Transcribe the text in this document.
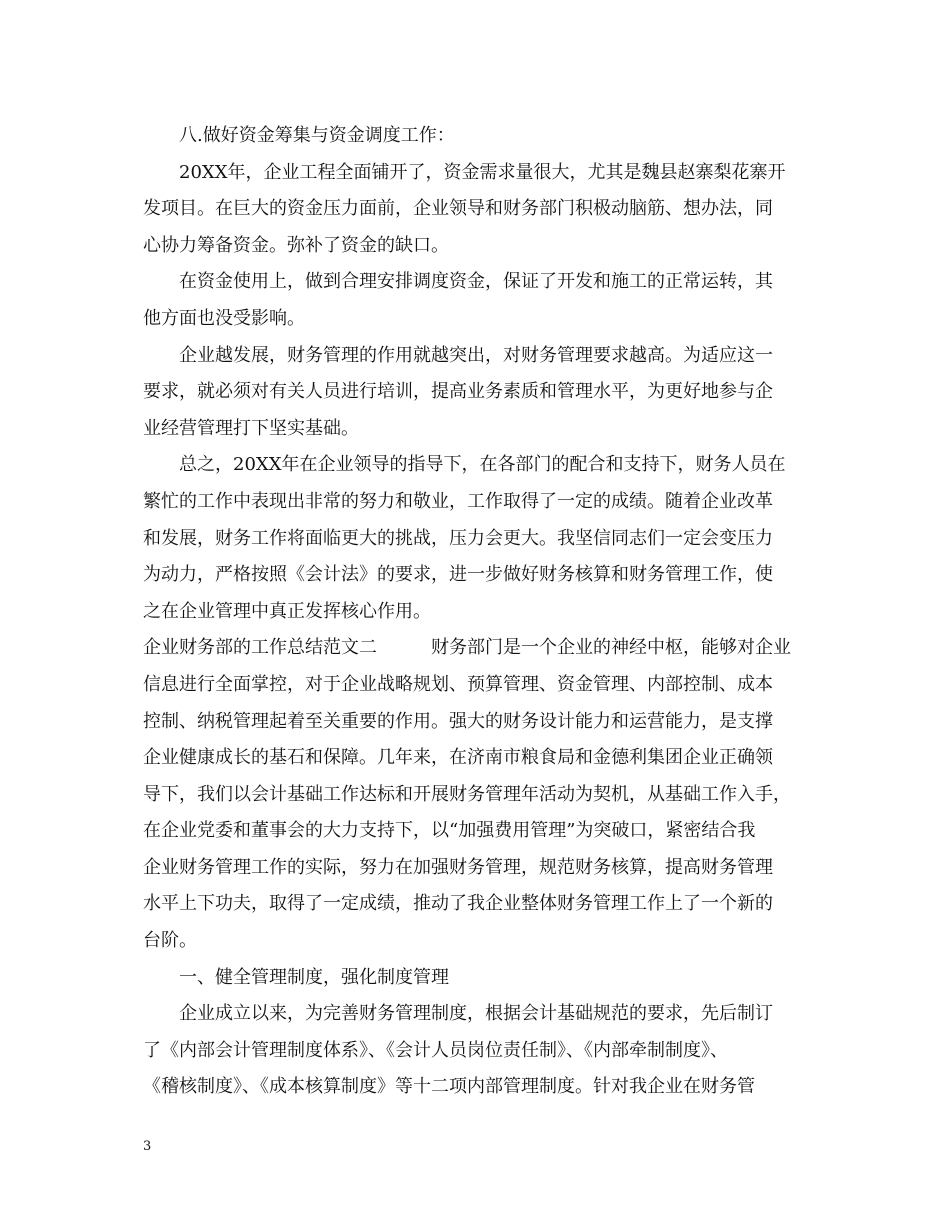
　　八.做好资金筹集与资金调度工作：
　　20XX年，企业工程全面铺开了，资金需求量很大，尤其是魏县赵寨梨花寨开
发项目。在巨大的资金压力面前，企业领导和财务部门积极动脑筋、想办法，同
心协力筹备资金。弥补了资金的缺口。
　　在资金使用上，做到合理安排调度资金，保证了开发和施工的正常运转，其
他方面也没受影响。
　　企业越发展，财务管理的作用就越突出，对财务管理要求越高。为适应这一
要求，就必须对有关人员进行培训，提高业务素质和管理水平，为更好地参与企
业经营管理打下坚实基础。
　　总之，20XX年在企业领导的指导下，在各部门的配合和支持下，财务人员在
繁忙的工作中表现出非常的努力和敬业，工作取得了一定的成绩。随着企业改革
和发展，财务工作将面临更大的挑战，压力会更大。我坚信同志们一定会变压力
为动力，严格按照《会计法》的要求，进一步做好财务核算和财务管理工作，使
之在企业管理中真正发挥核心作用。
企业财务部的工作总结范文二　　　财务部门是一个企业的神经中枢，能够对企业
信息进行全面掌控，对于企业战略规划、预算管理、资金管理、内部控制、成本
控制、纳税管理起着至关重要的作用。强大的财务设计能力和运营能力，是支撑
企业健康成长的基石和保障。几年来，在济南市粮食局和金德利集团企业正确领
导下，我们以会计基础工作达标和开展财务管理年活动为契机，从基础工作入手，
在企业党委和董事会的大力支持下，以“加强费用管理”为突破口，紧密结合我
企业财务管理工作的实际，努力在加强财务管理，规范财务核算，提高财务管理
水平上下功夫，取得了一定成绩，推动了我企业整体财务管理工作上了一个新的
台阶。
　　一、健全管理制度，强化制度管理
　　企业成立以来，为完善财务管理制度，根据会计基础规范的要求，先后制订
了《内部会计管理制度体系》、《会计人员岗位责任制》、《内部牵制制度》、
《稽核制度》、《成本核算制度》等十二项内部管理制度。针对我企业在财务管
3
